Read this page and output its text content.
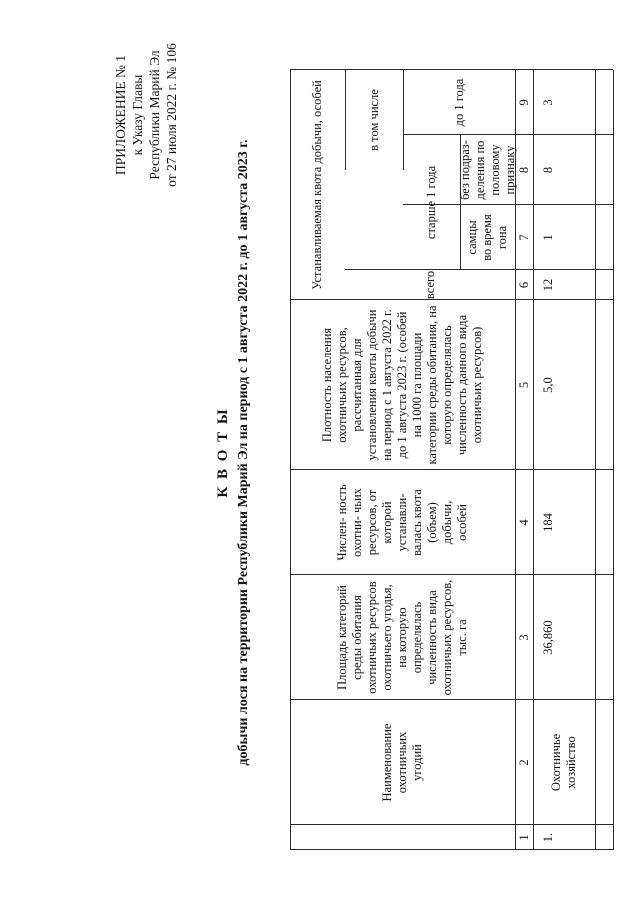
ПРИЛОЖЕНИЕ № 1 к Указу Главы Республики Марий Эл от 27 июля 2022 г. № 106
К В О Т Ы добычи лося на территории Республики Марий Эл на период с 1 августа 2022 г. до 1 августа 2023 г.	Наименование охотничьих угодий
Площадь категорий среды обитания охотничьих ресурсов охотничьего угодья, на которую определялась численность вида охотничьих ресурсов, тыс. га
Числен- ность охотни- чьих ресурсов, от которой устанавли- валась квота (объем) добычи, особей
Плотность населения охотничьих ресурсов, рассчитанная для установления квоты добычи на период с 1 августа 2022 г. до 1 августа 2023 г. (особей на 1000 га площади категории среды обитания, на которую определялась численность данного вида охотничьих ресурсов)
Устанавливаемая квота добычи, особей	в том числе
старше 1 года
всего
самцы во время гона
без подраз- деления по половому признаку
до 1 года
1
2
3
4
5
6
7
8
9
1.
Охотничье хозяйство
36,860
184
5,0
12
1
8
3
